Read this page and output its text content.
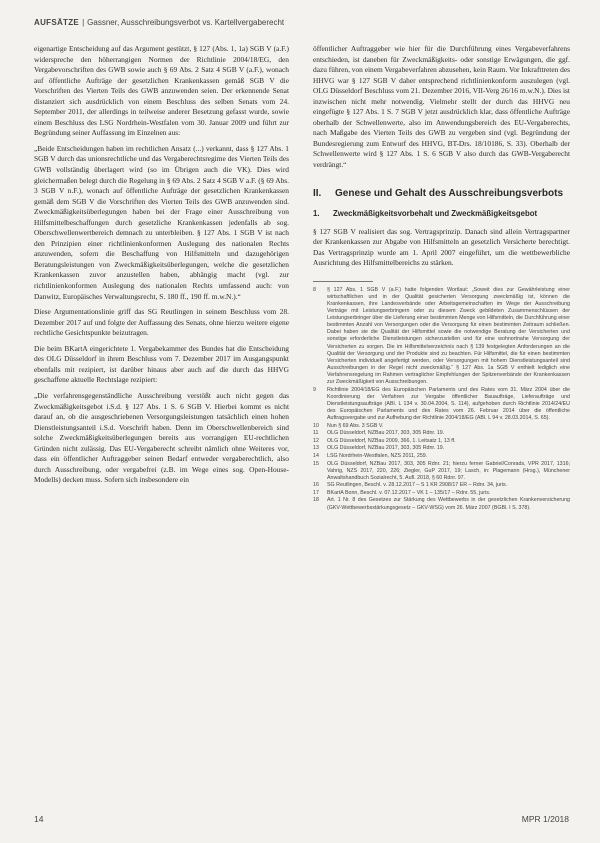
AUFSÄTZE | Gassner, Ausschreibungsverbot vs. Kartellvergaberecht

eigenartige Entscheidung auf das Argument gestützt, § 127 (Abs. 1, 1a) SGB V (a.F.) widerspreche den höherrangigen Normen der Richtlinie 2004/18/EG, den Vergabevorschriften des GWB sowie auch § 69 Abs. 2 Satz 4 SGB V (a.F.), wonach auf öffentliche Aufträge der gesetzlichen Krankenkassen gemäß SGB V die Vorschriften des Vierten Teils des GWB anzuwenden seien. Der erkennende Senat distanziert sich ausdrücklich von einem Beschluss des selben Senats vom 24. September 2011, der allerdings in teilweise anderer Besetzung gefasst wurde, sowie einem Beschluss des LSG Nordrhein-Westfalen vom 30. Januar 2009 und führt zur Begründung seiner Auffassung im Einzelnen aus:

„Beide Entscheidungen haben im rechtlichen Ansatz (...) verkannt, dass § 127 Abs. 1 SGB V durch das unionsrechtliche und das Vergaberechtsregime des Vierten Teils des GWB vollständig überlagert wird (so im Übrigen auch die VK). Dies wird gleichermaßen belegt durch die Regelung in § 69 Abs. 2 Satz 4 SGB V a.F. (§ 69 Abs. 3 SGB V n.F.), wonach auf öffentliche Aufträge der gesetzlichen Krankenkassen gemäß dem SGB V die Vorschriften des Vierten Teils des GWB anzuwenden sind. Zweckmäßigkeitsüberlegungen haben bei der Frage einer Ausschreibung von Hilfsmittelbeschaffungen durch gesetzliche Krankenkassen jedenfalls ab sog. Oberschwellenwertbereich demnach zu unterbleiben. § 127 Abs. 1 SGB V ist nach den Prinzipien einer richtlinienkonformen Auslegung des nationalen Rechts anzuwenden, sofern die Beschaffung von Hilfsmitteln und dazugehörigen Beratungsleistungen von Zweckmäßigkeitsüberlegungen, welche die gesetzlichen Krankenkassen zuvor anzustellen haben, abhängig macht (vgl. zur richtlinienkonformen Auslegung des nationalen Rechts umfassend auch: von Danwitz, Europäisches Verwaltungsrecht, S. 180 ff., 190 ff. m.w.N.).“

Diese Argumentationslinie griff das SG Reutlingen in seinem Beschluss vom 28. Dezember 2017 auf und folgte der Auffassung des Senats, ohne hierzu weitere eigene rechtliche Gesichtspunkte beizutragen.

Die beim BKartA eingerichtete 1. Vergabekammer des Bundes hat die Entscheidung des OLG Düsseldorf in ihrem Beschluss vom 7. Dezember 2017 im Ausgangspunkt ebenfalls mit rezipiert, ist darüber hinaus aber auch auf die durch das HHVG geschaffene aktuelle Rechtslage rezipiert:

„Die verfahrensgegenständliche Ausschreibung verstößt auch nicht gegen das Zweckmäßigkeitsgebot i.S.d. § 127 Abs. 1 S. 6 SGB V. Hierbei kommt es nicht darauf an, ob die ausgeschriebenen Versorgungsleistungen tatsächlich einen hohen Dienstleistungsanteil i.S.d. Vorschrift haben. Denn im Oberschwellenbereich sind solche Zweckmäßigkeitsüberlegungen bereits aus vorrangigen EU-rechtlichen Gründen nicht zulässig. Das EU-Vergaberecht schreibt nämlich ohne Weiteres vor, dass ein öffentlicher Auftraggeber seinen Bedarf entweder vergaberechtlich, also durch Ausschreibung, oder vergabefrei (z.B. im Wege eines sog. Open-House-Modells) decken muss. Sofern sich insbesondere ein

öffentlicher Auftraggeber wie hier für die Durchführung eines Vergabeverfahrens entschieden, ist daneben für Zweckmäßigkeits- oder sonstige Erwägungen, die ggf. dazu führen, von einem Vergabeverfahren abzusehen, kein Raum. Vor Inkrafttreten des HHVG war § 127 SGB V daher entsprechend richtlinienkonform auszulegen (vgl. OLG Düsseldorf Beschluss vom 21. Dezember 2016, VII-Verg 26/16 m.w.N.). Dies ist inzwischen nicht mehr notwendig. Vielmehr stellt der durch das HHVG neu eingefügte § 127 Abs. 1 S. 7 SGB V jetzt ausdrücklich klar, dass öffentliche Aufträge oberhalb der Schwellenwerte, also im Anwendungsbereich des EU-Vergaberechts, nach Maßgabe des Vierten Teils des GWB zu vergeben sind (vgl. Begründung der Bundesregierung zum Entwurf des HHVG, BT-Drs. 18/10186, S. 33). Oberhalb der Schwellenwerte wird § 127 Abs. 1 S. 6 SGB V also durch das GWB-Vergaberecht verdrängt.“

II.	Genese und Gehalt des Ausschreibungsverbots
1.	Zweckmäßigkeitsvorbehalt und Zweckmäßigkeitsgebot

§ 127 SGB V realisiert das sog. Vertragsprinzip. Danach sind allein Vertragspartner der Krankenkassen zur Abgabe von Hilfsmitteln an gesetzlich Versicherte berechtigt. Das Vertragsprinzip wurde am 1. April 2007 eingeführt, um die wettbewerbliche Ausrichtung des Hilfsmittelbereichs zu stärken.

8	§ 127 Abs. 1 SGB V (a.F.) hatte folgenden Wortlaut: „Soweit dies zur Gewährleistung einer wirtschaftlichen und in der Qualität gesicherten Versorgung zweckmäßig ist, können die Krankenkassen, ihre Landesverbände oder Arbeitsgemeinschaften im Wege der Ausschreibung Verträge mit Leistungserbringern oder zu diesem Zweck gebildeten Zusammenschlüssen der Leistungserbringer über die Lieferung einer bestimmten Menge von Hilfsmitteln, die Durchführung einer bestimmten Anzahl von Versorgungen oder die Versorgung für einen bestimmten Zeitraum schließen. Dabei haben sie die Qualität der Hilfsmittel sowie die notwendige Beratung der Versicherten und sonstige erforderliche Dienstleistungen sicherzustellen und für eine wohnortnahe Versorgung der Versicherten zu sorgen. Die im Hilfsmittelverzeichnis nach § 139 festgelegten Anforderungen an die Qualität der Versorgung und der Produkte sind zu beachten. Für Hilfsmittel, die für einen bestimmten Versicherten individuell angefertigt werden, oder Versorgungen mit hohem Dienstleistungsanteil sind Ausschreibungen in der Regel nicht zweckmäßig.“ § 127 Abs. 1a SGB V enthielt lediglich eine Verfahrensregelung im Rahmen vertraglicher Empfehlungen der Spitzenverbände der Krankenkassen zur Zweckmäßigkeit von Ausschreibungen.
9	Richtlinie 2004/18/EG des Europäischen Parlaments und des Rates vom 31. März 2004 über die Koordinierung der Verfahren zur Vergabe öffentlicher Bauaufträge, Lieferaufträge und Dienstleistungsaufträge (ABl. L 134 v. 30.04.2004, S. 114), aufgehoben durch Richtlinie 2014/24/EU des Europäischen Parlaments und des Rates vom 26. Februar 2014 über die öffentliche Auftragsvergabe und zur Aufhebung der Richtlinie 2004/18/EG (ABl. L 94 v. 28.03.2014, S. 65).
10	Nun § 69 Abs. 3 SGB V.
11	OLG Düsseldorf, NZBau 2017, 303, 305 Rdnr. 19.
12	OLG Düsseldorf, NZBau 2009, 366, 1. Leitsatz 1, 13 ff.
13	OLG Düsseldorf, NZBau 2017, 303, 305 Rdnr. 19.
14	LSG Nordrhein-Westfalen, NZS 2011, 259.
15	OLG Düsseldorf, NZBau 2017, 303, 305 Rdnr. 21; hierzu ferner Gabriel/Conrads, VPR 2017, 1316; Vahrig, NZS 2017, 220, 226; Ziegler, GuP 2017, 19; Lasch, in: Plagemann (Hrsg.), Münchener Anwaltshandbuch Sozialrecht, 5. Aufl. 2018, § 60 Rdnr. 97.
16	SG Reutlingen, Beschl. v. 28.12.2017 – S 1 KR 2908/17 ER – Rdnr. 34, juris.
17	BKartA Bonn, Beschl. v. 07.12.2017 – VK 1 – 135/17 – Rdnr. 55, juris.
18	Art. 1 Nr. 8 des Gesetzes zur Stärkung des Wettbewerbs in der gesetzlichen Krankenversicherung (GKV-Wettbewerbsstärkungsgesetz – GKV-WSG) vom 26. März 2007 (BGBl. I S. 378).
14	MPR 1/2018
